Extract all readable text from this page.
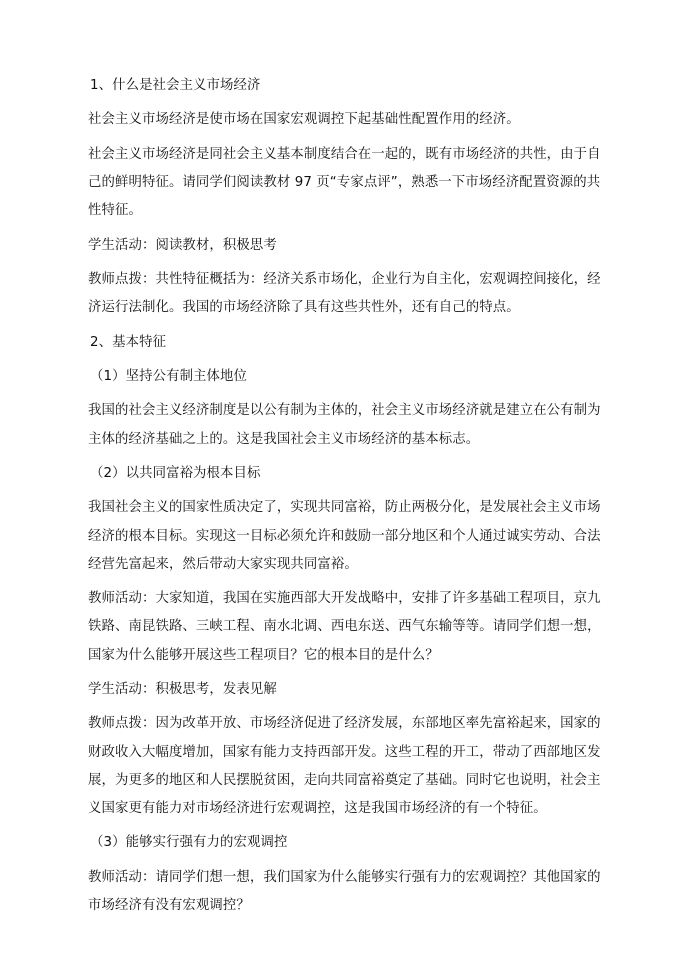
1、什么是社会主义市场经济

社会主义市场经济是使市场在国家宏观调控下起基础性配置作用的经济。

社会主义市场经济是同社会主义基本制度结合在一起的，既有市场经济的共性，由于自己的鲜明特征。请同学们阅读教材 97 页“专家点评”，熟悉一下市场经济配置资源的共性特征。

学生活动：阅读教材，积极思考

教师点拨：共性特征概括为：经济关系市场化，企业行为自主化，宏观调控间接化，经济运行法制化。我国的市场经济除了具有这些共性外，还有自己的特点。

2、基本特征

（1）坚持公有制主体地位

我国的社会主义经济制度是以公有制为主体的，社会主义市场经济就是建立在公有制为主体的经济基础之上的。这是我国社会主义市场经济的基本标志。

（2）以共同富裕为根本目标

我国社会主义的国家性质决定了，实现共同富裕，防止两极分化，是发展社会主义市场经济的根本目标。实现这一目标必须允许和鼓励一部分地区和个人通过诚实劳动、合法经营先富起来，然后带动大家实现共同富裕。

教师活动：大家知道，我国在实施西部大开发战略中，安排了许多基础工程项目，京九铁路、南昆铁路、三峡工程、南水北调、西电东送、西气东输等等。请同学们想一想，国家为什么能够开展这些工程项目？它的根本目的是什么？

学生活动：积极思考，发表见解

教师点拨：因为改革开放、市场经济促进了经济发展，东部地区率先富裕起来，国家的财政收入大幅度增加，国家有能力支持西部开发。这些工程的开工，带动了西部地区发展，为更多的地区和人民摆脱贫困，走向共同富裕奠定了基础。同时它也说明，社会主义国家更有能力对市场经济进行宏观调控，这是我国市场经济的有一个特征。

（3）能够实行强有力的宏观调控

教师活动：请同学们想一想，我们国家为什么能够实行强有力的宏观调控？其他国家的市场经济有没有宏观调控？
